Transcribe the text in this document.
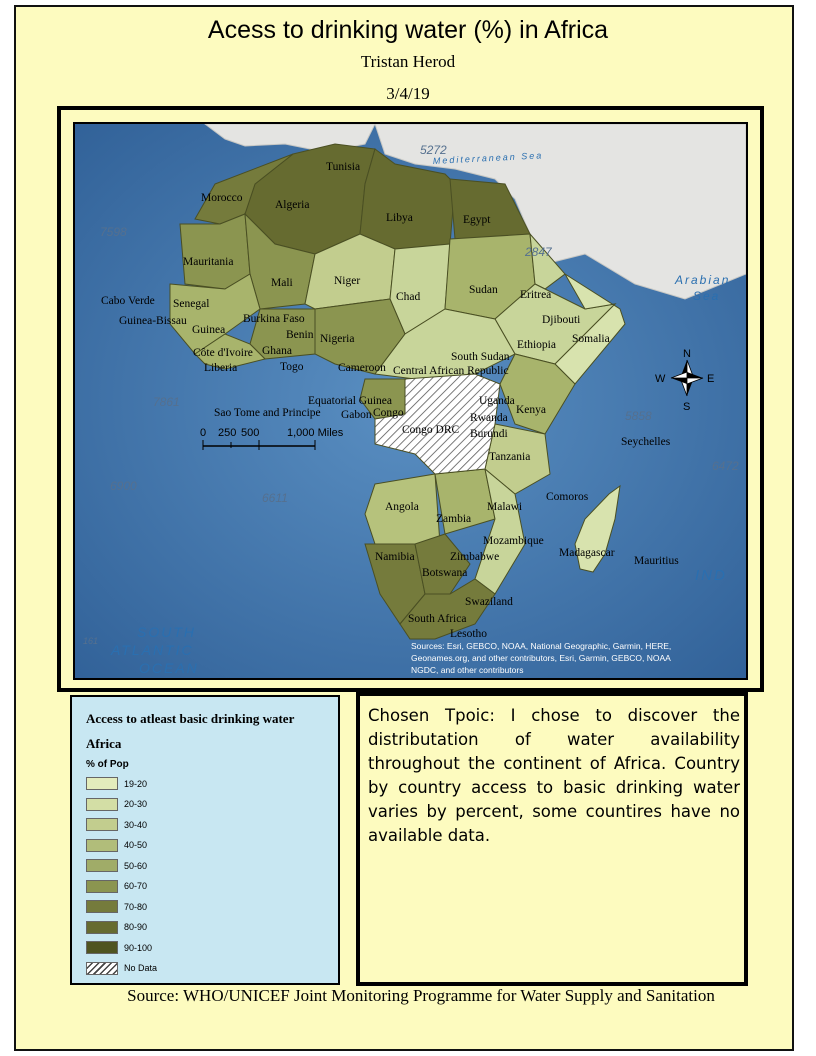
Acess to drinking water (%) in Africa
Tristan Herod
3/4/19
5272
7598
2847
7861
5858
6472
6900
6611
161
Mediterranean Sea
Arabian
Sea
SOUTH
ATLANTIC
OCEAN
IND
Tunisia
Morocco
Algeria
Libya	Egypt
Mauritania
Mali	Niger
Chad
Sudan Eritrea
Cabo Verde Senegal
Guinea-Bissau	Burkina Faso	Djibouti
Somalia
Guinea	Benin
Ghana
Nigeria	Ethiopia
Côte d'Ivoire	South Sudan
Liberia	Togo	Cameroon Central African Republic
Uganda
Kenya
Equatorial Guinea
Congo
Sao Tome and Principe Gabon	Rwanda
Burundi
Congo DRC
Seychelles
Tanzania
Comoros
Angola	Malawi
Zambia
Mozambique
Madagascar
Namibia	Zimbabwe	Mauritius
Botswana
Swaziland
South Africa
Lesotho
0 250 500	1,000 Miles
N
S
W	E
Sources: Esri, GEBCO, NOAA, National Geographic, Garmin, HERE,
Geonames.org, and other contributors, Esri, Garmin, GEBCO, NOAA
NGDC, and other contributors
Access to atleast basic drinking water
Africa
% of Pop
19-20
20-30
30-40
40-50
50-60
60-70
70-80
80-90
90-100
No Data
Chosen Tpoic: I chose to discover the distributation of water availability throughout the continent of Africa. Country by country access to basic drinking water varies by percent, some countires have no available data.
Source: WHO/UNICEF Joint Monitoring Programme for Water Supply and Sanitation
